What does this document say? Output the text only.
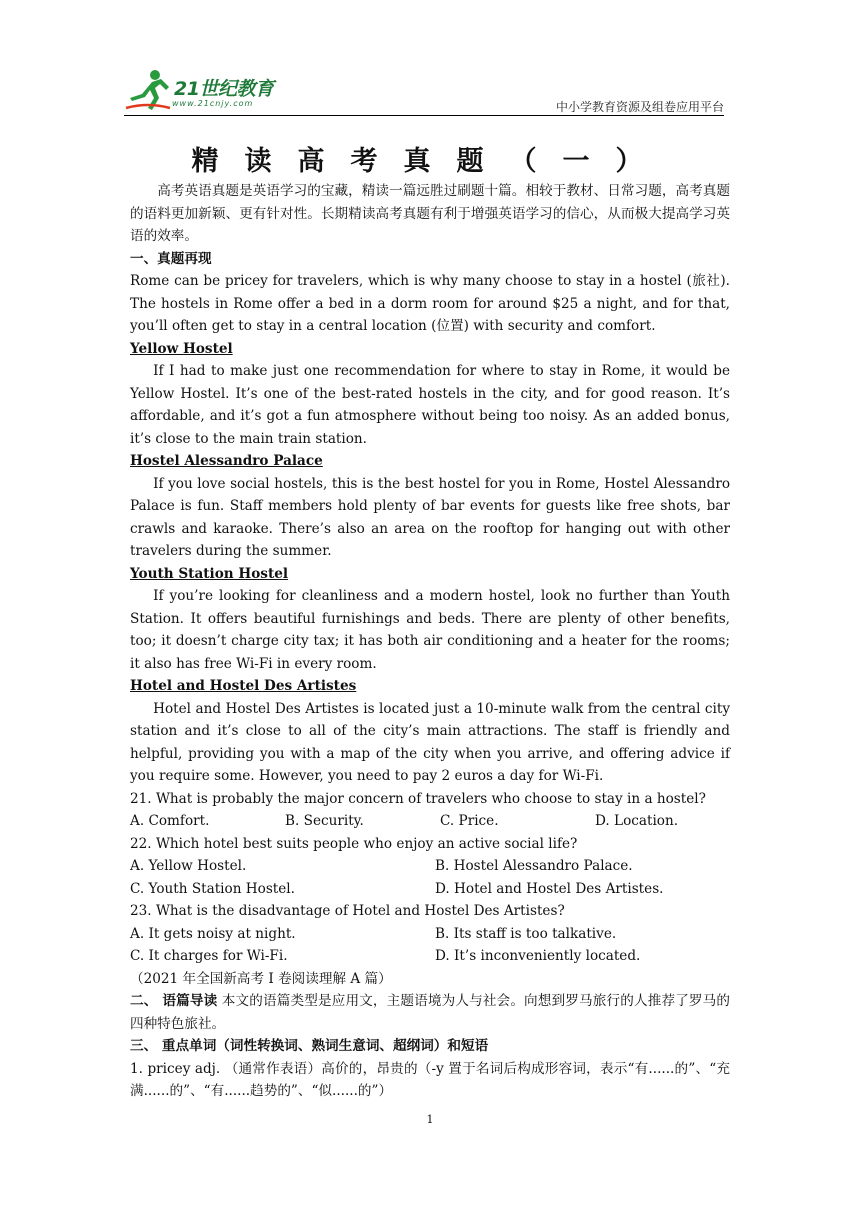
21世纪教育
www.21cnjy.com	中小学教育资源及组卷应用平台
精读高考真题（一）

高考英语真题是英语学习的宝藏，精读一篇远胜过刷题十篇。相较于教材、日常习题，高考真题的语料更加新颖、更有针对性。长期精读高考真题有利于增强英语学习的信心，从而极大提高学习英语的效率。

一、真题再现

Rome can be pricey for travelers, which is why many choose to stay in a hostel (旅社). The hostels in Rome offer a bed in a dorm room for around $25 a night, and for that, you’ll often get to stay in a central location (位置) with security and comfort.

Yellow Hostel

If I had to make just one recommendation for where to stay in Rome, it would be Yellow Hostel. It’s one of the best-rated hostels in the city, and for good reason. It’s affordable, and it’s got a fun atmosphere without being too noisy. As an added bonus, it’s close to the main train station.

Hostel Alessandro Palace

If you love social hostels, this is the best hostel for you in Rome, Hostel Alessandro Palace is fun. Staff members hold plenty of bar events for guests like free shots, bar crawls and karaoke. There’s also an area on the rooftop for hanging out with other travelers during the summer.

Youth Station Hostel

If you’re looking for cleanliness and a modern hostel, look no further than Youth Station. It offers beautiful furnishings and beds. There are plenty of other benefits, too; it doesn’t charge city tax; it has both air conditioning and a heater for the rooms; it also has free Wi-Fi in every room.

Hotel and Hostel Des Artistes

Hotel and Hostel Des Artistes is located just a 10-minute walk from the central city station and it’s close to all of the city’s main attractions. The staff is friendly and helpful, providing you with a map of the city when you arrive, and offering advice if you require some. However, you need to pay 2 euros a day for Wi-Fi.

21. What is probably the major concern of travelers who choose to stay in a hostel?

A. Comfort.	B. Security.	C. Price.	D. Location.

22. Which hotel best suits people who enjoy an active social life?

A. Yellow Hostel.	B. Hostel Alessandro Palace.
C. Youth Station Hostel.	D. Hotel and Hostel Des Artistes.

23. What is the disadvantage of Hotel and Hostel Des Artistes?

A. It gets noisy at night.	B. Its staff is too talkative.
C. It charges for Wi-Fi.	D. It’s inconveniently located.

（2021 年全国新高考 I 卷阅读理解 A 篇）

二、 语篇导读 本文的语篇类型是应用文，主题语境为人与社会。向想到罗马旅行的人推荐了罗马的四种特色旅社。

三、 重点单词（词性转换词、熟词生意词、超纲词）和短语

1. pricey adj. （通常作表语）高价的，昂贵的（-y 置于名词后构成形容词，表示“有......的”、“充满......的”、“有......趋势的”、“似......的”）

1
